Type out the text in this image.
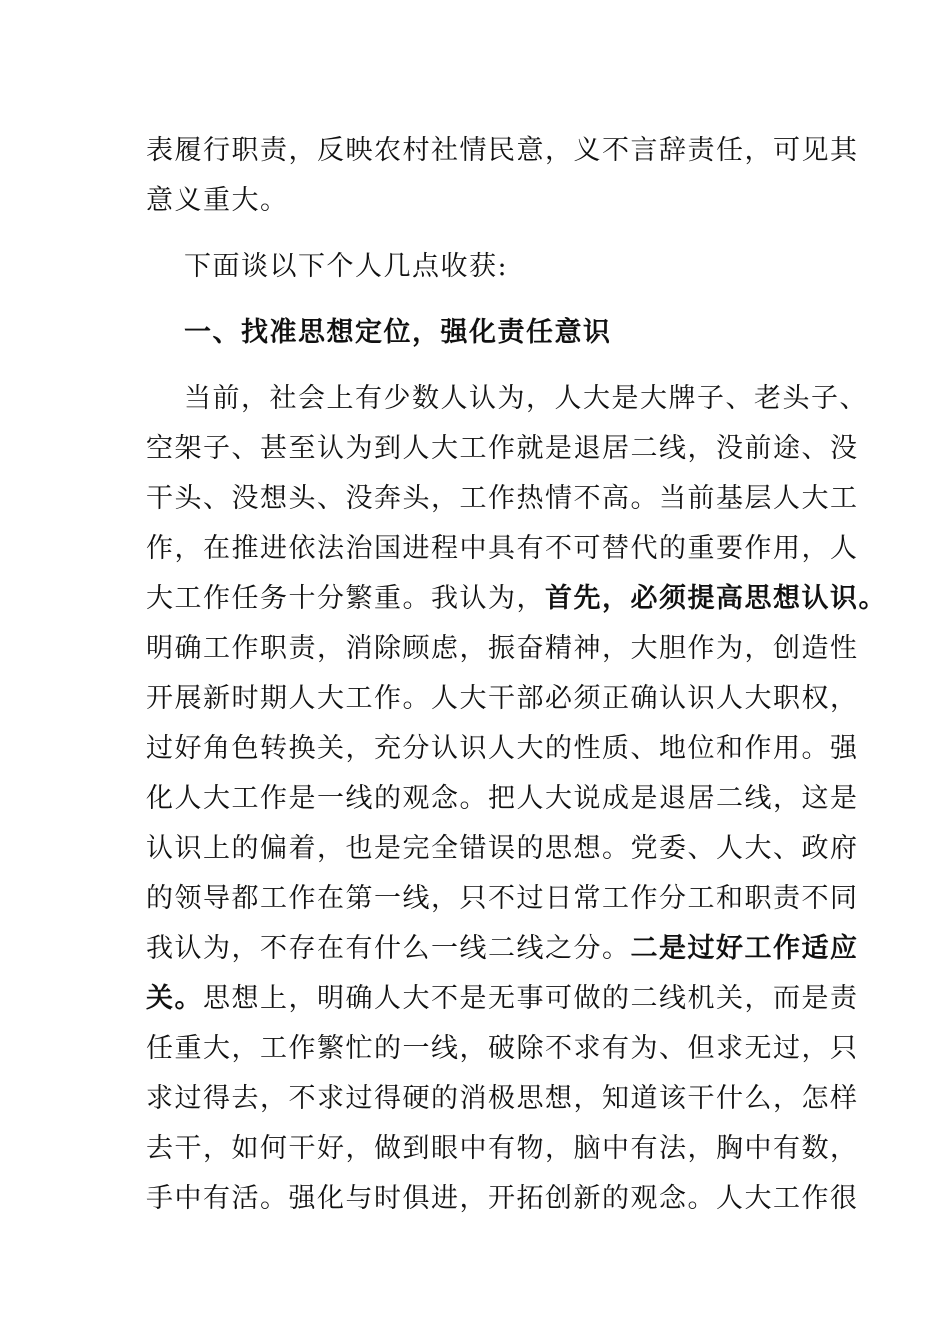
表履行职责，反映农村社情民意，义不言辞责任，可见其
意义重大。
下面谈以下个人几点收获:
一、找准思想定位，强化责任意识
当前，社会上有少数人认为，人大是大牌子、老头子、
空架子、甚至认为到人大工作就是退居二线，没前途、没
干头、没想头、没奔头，工作热情不高。当前基层人大工
作，在推进依法治国进程中具有不可替代的重要作用，人
大工作任务十分繁重。我认为，首先，必须提高思想认识。
明确工作职责，消除顾虑，振奋精神，大胆作为，创造性
开展新时期人大工作。人大干部必须正确认识人大职权，
过好角色转换关，充分认识人大的性质、地位和作用。强
化人大工作是一线的观念。把人大说成是退居二线，这是
认识上的偏着，也是完全错误的思想。党委、人大、政府
的领导都工作在第一线，只不过日常工作分工和职责不同
我认为，不存在有什么一线二线之分。二是过好工作适应
关。思想上，明确人大不是无事可做的二线机关，而是责
任重大，工作繁忙的一线，破除不求有为、但求无过，只
求过得去，不求过得硬的消极思想，知道该干什么，怎样
去干，如何干好，做到眼中有物，脑中有法，胸中有数，
手中有活。强化与时俱进，开拓创新的观念。人大工作很
